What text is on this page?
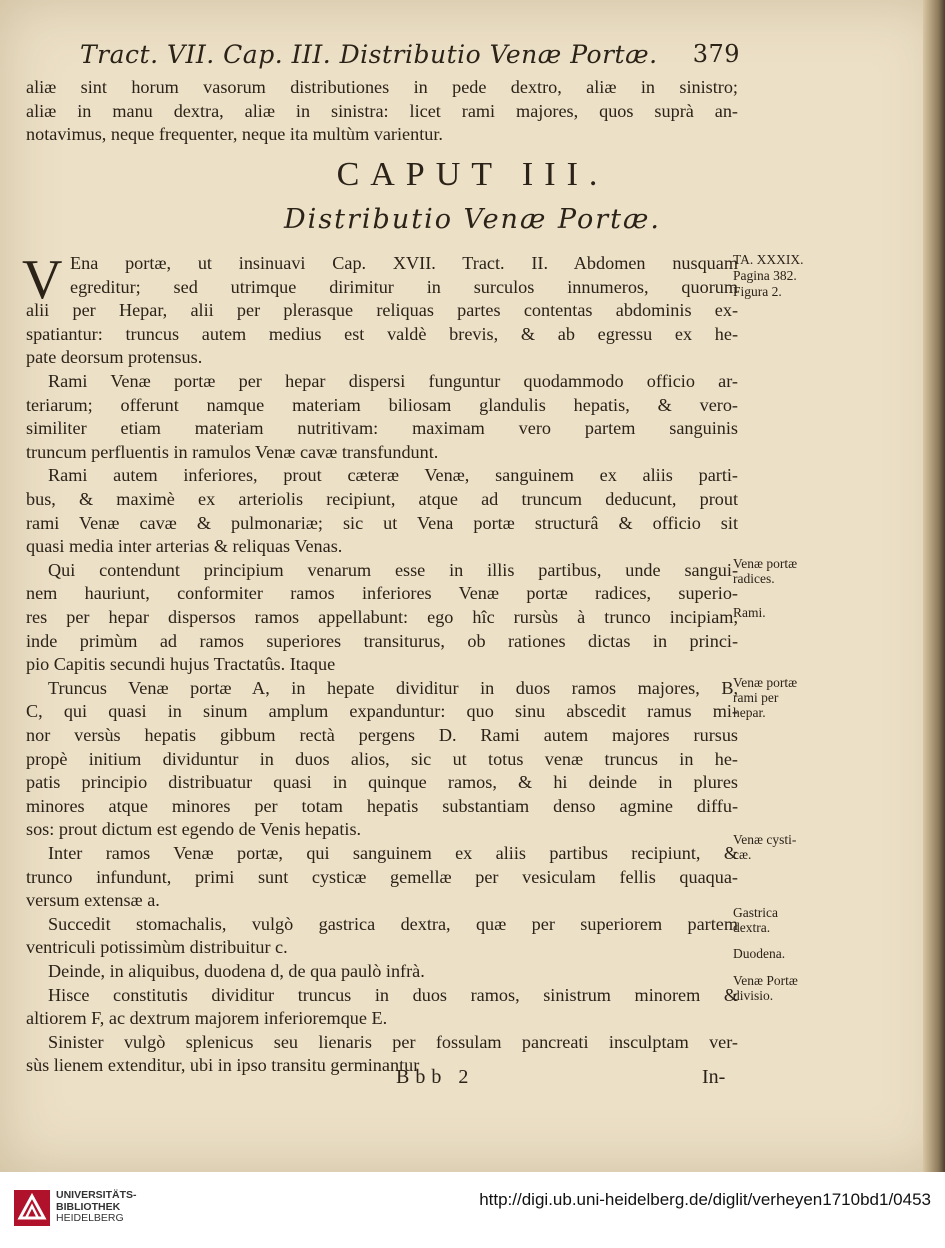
Tract. VII. Cap. III. Distributio Venæ Portæ. 379
aliæ sint horum vasorum distributiones in pede dextro, aliæ in sinistro;
aliæ in manu dextra, aliæ in sinistra: licet rami majores, quos suprà an-
notavimus, neque frequenter, neque ita multùm varientur.
CAPUT III.
Distributio Venæ Portæ.
V Ena portæ, ut insinuavi Cap. XVII. Tract. II. Abdomen nusquam
egreditur; sed utrimque dirimitur in surculos innumeros, quorum
alii per Hepar, alii per plerasque reliquas partes contentas abdominis ex-
spatiantur: truncus autem medius est valdè brevis, & ab egressu ex he-
pate deorsum protensus.
Rami Venæ portæ per hepar dispersi funguntur quodammodo officio ar-
teriarum; offerunt namque materiam biliosam glandulis hepatis, & vero-
similiter etiam materiam nutritivam: maximam vero partem sanguinis
truncum perfluentis in ramulos Venæ cavæ transfundunt.
Rami autem inferiores, prout cæteræ Venæ, sanguinem ex aliis parti-
bus, & maximè ex arteriolis recipiunt, atque ad truncum deducunt, prout
rami Venæ cavæ & pulmonariæ; sic ut Vena portæ structurâ & officio sit
quasi media inter arterias & reliquas Venas.
Qui contendunt principium venarum esse in illis partibus, unde sangui-
nem hauriunt, conformiter ramos inferiores Venæ portæ radices, superio-
res per hepar dispersos ramos appellabunt: ego hîc rursùs à trunco incipiam,
inde primùm ad ramos superiores transiturus, ob rationes dictas in princi-
pio Capitis secundi hujus Tractatûs. Itaque
Truncus Venæ portæ A, in hepate dividitur in duos ramos majores, B,
C, qui quasi in sinum amplum expanduntur: quo sinu abscedit ramus mi-
nor versùs hepatis gibbum rectà pergens D. Rami autem majores rursus
propè initium dividuntur in duos alios, sic ut totus venæ truncus in he-
patis principio distribuatur quasi in quinque ramos, & hi deinde in plures
minores atque minores per totam hepatis substantiam denso agmine diffu-
sos: prout dictum est egendo de Venis hepatis.
Inter ramos Venæ portæ, qui sanguinem ex aliis partibus recipiunt, &
trunco infundunt, primi sunt cysticæ gemellæ per vesiculam fellis quaqua-
versum extensæ a.
Succedit stomachalis, vulgò gastrica dextra, quæ per superiorem partem
ventriculi potissimùm distribuitur c.
Deinde, in aliquibus, duodena d, de qua paulò infrà.
Hisce constitutis dividitur truncus in duos ramos, sinistrum minorem &
altiorem F, ac dextrum majorem inferioremque E.
Sinister vulgò splenicus seu lienaris per fossulam pancreati insculptam ver-
sùs lienem extenditur, ubi in ipso transitu germinantur
TA. XXXIX.
Pagina 382.
Figura 2.
Venæ portæ
radices.
Rami.
Venæ portæ
rami per
hepar.
Venæ cysti-
cæ.
Gastrica
dextra.
Duodena.
Venæ Portæ
divisio.
Bbb 2	In-
UNIVERSITÄTS-
BIBLIOTHEK
HEIDELBERG
http://digi.ub.uni-heidelberg.de/diglit/verheyen1710bd1/0453
